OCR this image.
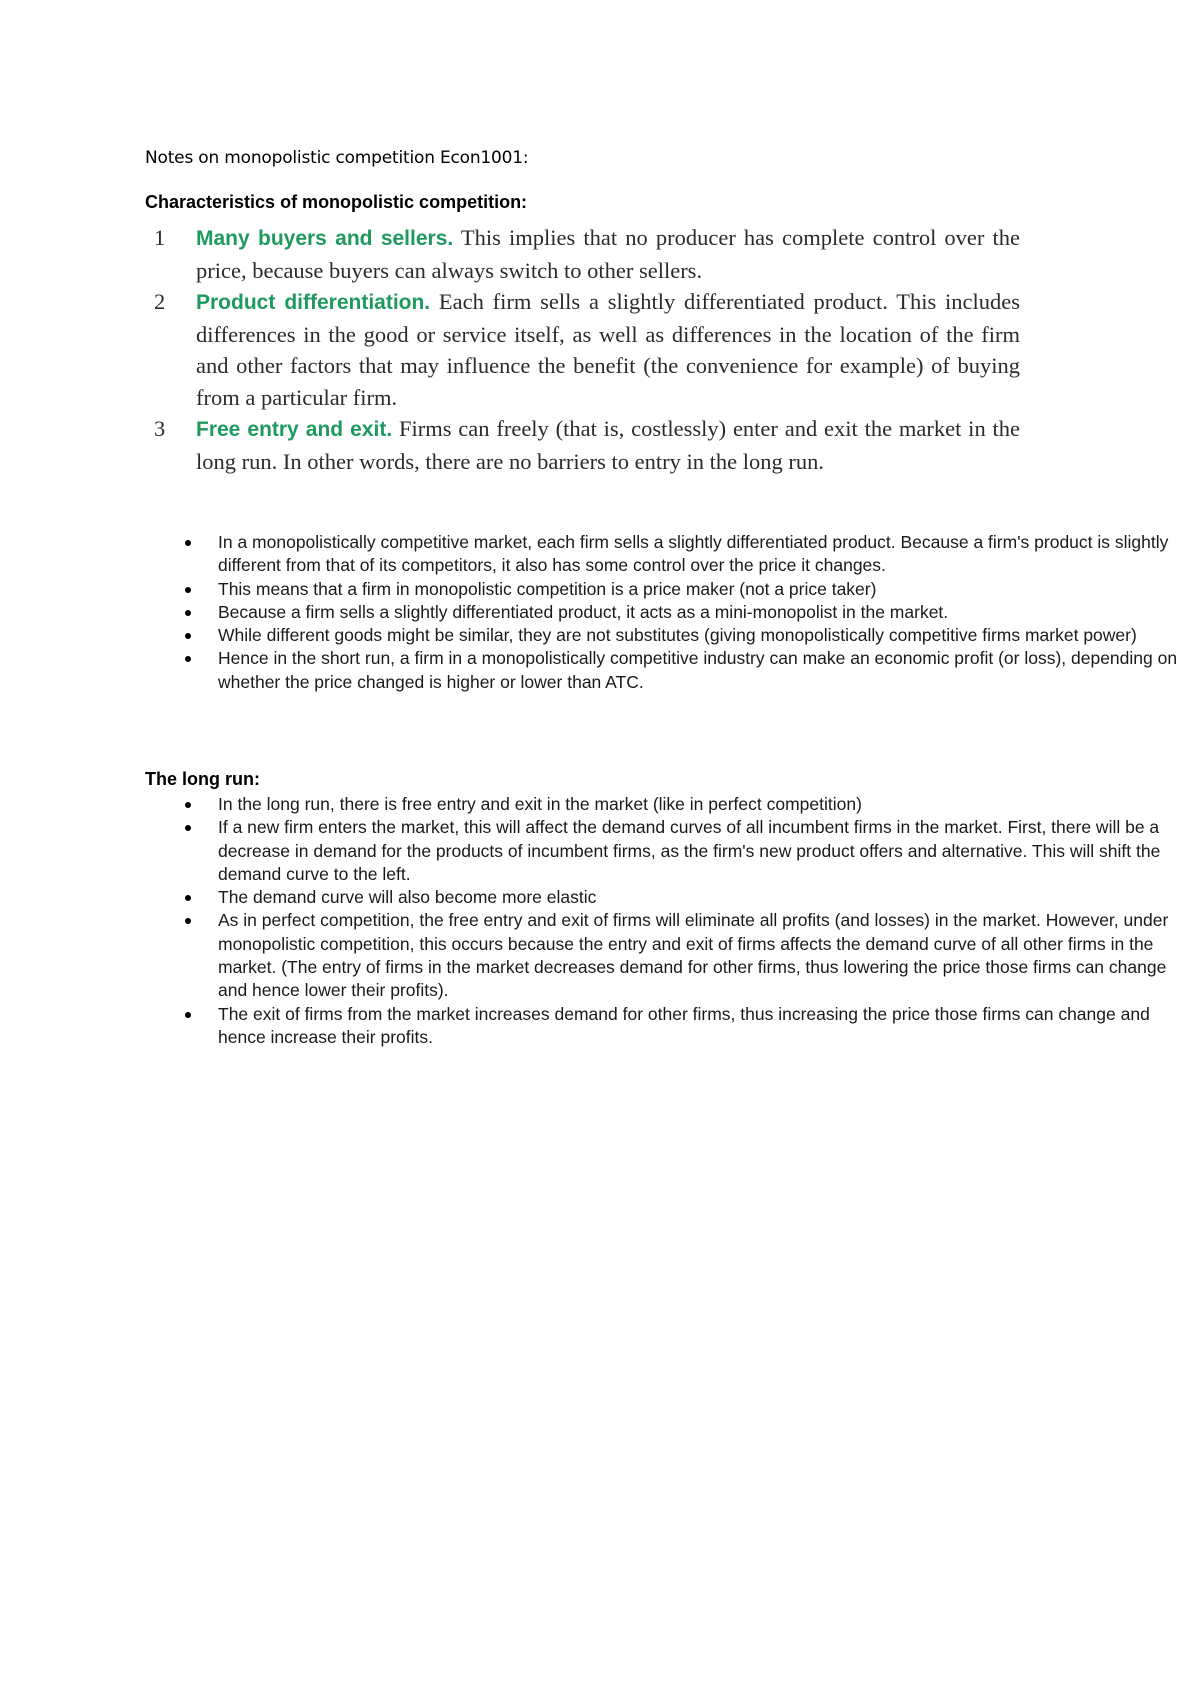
Notes on monopolistic competition Econ1001:
Characteristics of monopolistic competition:
1 Many buyers and sellers. This implies that no producer has complete control over the price, because buyers can always switch to other sellers.
2 Product differentiation. Each firm sells a slightly differentiated product. This includes differences in the good or service itself, as well as differences in the location of the firm and other factors that may influence the benefit (the convenience for example) of buying from a particular firm.
3 Free entry and exit. Firms can freely (that is, costlessly) enter and exit the market in the long run. In other words, there are no barriers to entry in the long run.
In a monopolistically competitive market, each firm sells a slightly differentiated product. Because a firm's product is slightly different from that of its competitors, it also has some control over the price it changes.
This means that a firm in monopolistic competition is a price maker (not a price taker)
Because a firm sells a slightly differentiated product, it acts as a mini-monopolist in the market.
While different goods might be similar, they are not substitutes (giving monopolistically competitive firms market power)
Hence in the short run, a firm in a monopolistically competitive industry can make an economic profit (or loss), depending on whether the price changed is higher or lower than ATC.
The long run:
In the long run, there is free entry and exit in the market (like in perfect competition)
If a new firm enters the market, this will affect the demand curves of all incumbent firms in the market. First, there will be a decrease in demand for the products of incumbent firms, as the firm's new product offers and alternative. This will shift the demand curve to the left.
The demand curve will also become more elastic
As in perfect competition, the free entry and exit of firms will eliminate all profits (and losses) in the market. However, under monopolistic competition, this occurs because the entry and exit of firms affects the demand curve of all other firms in the market. (The entry of firms in the market decreases demand for other firms, thus lowering the price those firms can change and hence lower their profits).
The exit of firms from the market increases demand for other firms, thus increasing the price those firms can change and hence increase their profits.
